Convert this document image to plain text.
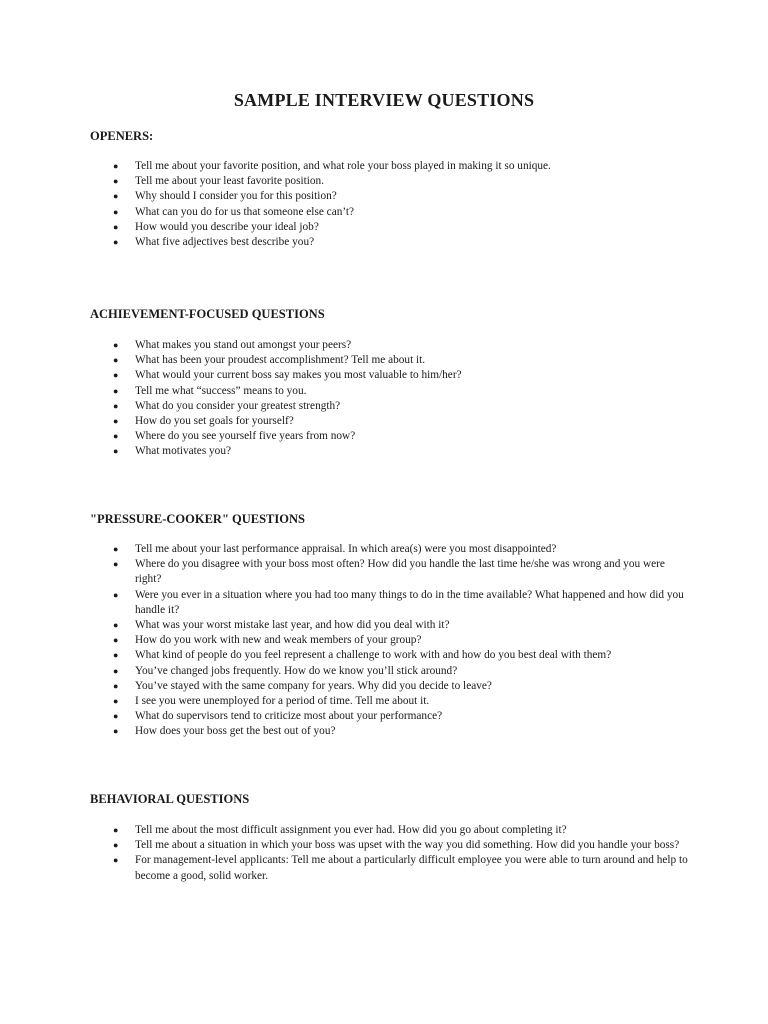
SAMPLE INTERVIEW QUESTIONS
OPENERS:
● Tell me about your favorite position, and what role your boss played in making it so unique.
● Tell me about your least favorite position.
● Why should I consider you for this position?
● What can you do for us that someone else can’t?
● How would you describe your ideal job?
● What five adjectives best describe you?
ACHIEVEMENT-FOCUSED QUESTIONS
● What makes you stand out amongst your peers?
● What has been your proudest accomplishment? Tell me about it.
● What would your current boss say makes you most valuable to him/her?
● Tell me what “success” means to you.
● What do you consider your greatest strength?
● How do you set goals for yourself?
● Where do you see yourself five years from now?
● What motivates you?
"PRESSURE-COOKER" QUESTIONS
● Tell me about your last performance appraisal. In which area(s) were you most disappointed?
● Where do you disagree with your boss most often? How did you handle the last time he/she was wrong and you were right?
● Were you ever in a situation where you had too many things to do in the time available? What happened and how did you handle it?
● What was your worst mistake last year, and how did you deal with it?
● How do you work with new and weak members of your group?
● What kind of people do you feel represent a challenge to work with and how do you best deal with them?
● You’ve changed jobs frequently. How do we know you’ll stick around?
● You’ve stayed with the same company for years. Why did you decide to leave?
● I see you were unemployed for a period of time. Tell me about it.
● What do supervisors tend to criticize most about your performance?
● How does your boss get the best out of you?
BEHAVIORAL QUESTIONS
● Tell me about the most difficult assignment you ever had. How did you go about completing it?
● Tell me about a situation in which your boss was upset with the way you did something. How did you handle your boss?
● For management-level applicants: Tell me about a particularly difficult employee you were able to turn around and help to become a good, solid worker.
